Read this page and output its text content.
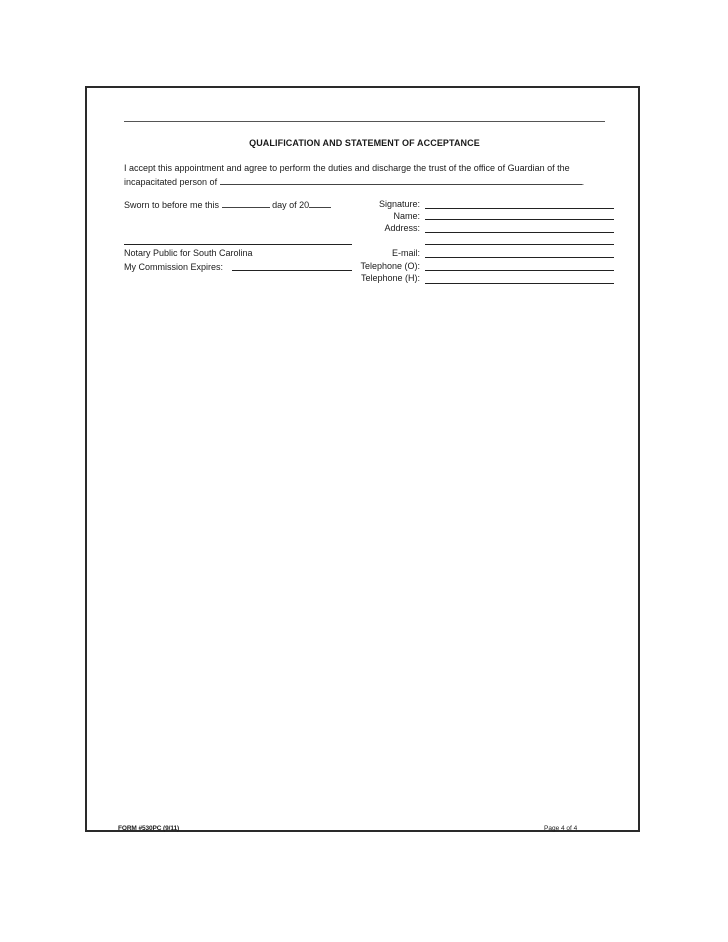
QUALIFICATION AND STATEMENT OF ACCEPTANCE
I accept this appointment and agree to perform the duties and discharge the trust of the office of Guardian of the
incapacitated person of	.
Sworn to before me this	day of 20
Notary Public for South Carolina
My Commission Expires:
Signature:
Name:
Address:
E-mail:
Telephone (O):
Telephone (H):
FORM #530PC (9/11)	Page 4 of 4
